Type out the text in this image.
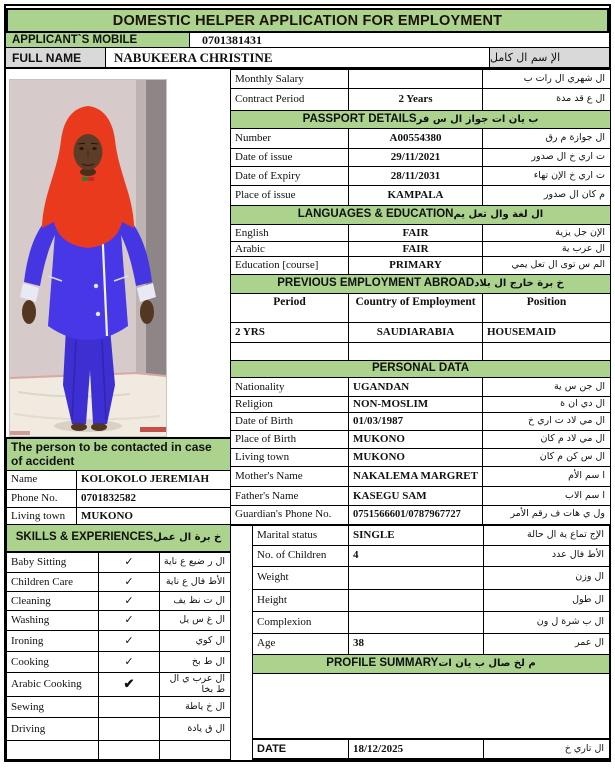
DOMESTIC HELPER APPLICATION FOR EMPLOYMENT
APPLICANT`S MOBILE	0701381431
FULL NAME	NABUKEERA CHRISTINE	الإ سم ال كامل
Monthly Salary		ال شهري ال رات ب
Contract Period	2 Years	ال ع قد مدة
PASSPORT DETAILSب يان ات جواز ال س فر		
Number	A00554380	ال جوازة م رق
Date of issue	29/11/2021	ت اري خ ال صدور
Date of Expiry	28/11/2031	ت اري خ الإن تهاء
Place of issue	KAMPALA	م كان ال صدور
LANGUAGES & EDUCATIONال لغة وال تعل يم		
English	FAIR	الإن جل يزية
Arabic	FAIR	ال عرب ية
Education [course]	PRIMARY	الم س توى ال تعل يمي
PREVIOUS EMPLOYMENT ABROADخ برة خارج ال بلاد		
Period	Country of Employment	Position
2 YRS	SAUDIARABIA	HOUSEMAID

PERSONAL DATA		
Nationality	UGANDAN	ال جن س ية
Religion	NON-MOSLIM	ال دي ان ة
Date of Birth	01/03/1987	ال مي لاد ت اري خ
Place of Birth	MUKONO	ال مي لاد م كان
Living town	MUKONO	ال س كن م كان
Mother's Name	NAKALEMA MARGRET	ا سم الأم
Father's Name	KASEGU SAM	ا سم الاب
Guardian's Phone No.	0751566601/0787967727	ول ي هات ف رقم الأمر
The person to be contacted in case of accident	
Name	KOLOKOLO JEREMIAH
Phone No.	0701832582
Living town	MUKONO
SKILLS & EXPERIENCESخ برة ال عمل		
Baby Sitting	✓	ال ر ضيع ع ناية
Children Care	✓	الأط فال ع ناية
Cleaning	✓	ال ت نظ يف
Washing	✓	ال غ س يل
Ironing	✓	ال كوي
Cooking	✓	ال ط بخ
Arabic Cooking	✔	ال عرب ي ال ط بخا
Sewing		ال خ ياطة
Driving		ال ق يادة

Marital status	SINGLE	الإج تماع ية ال حالة
No. of Children	4	الأط فال عدد
Weight		ال وزن
Height		ال طول
Complexion		ال ب شرة ل ون
Age	38	ال عمر
PROFILE SUMMARYم لخ صال ب يان ات		

DATE	18/12/2025	ال تاري خ
